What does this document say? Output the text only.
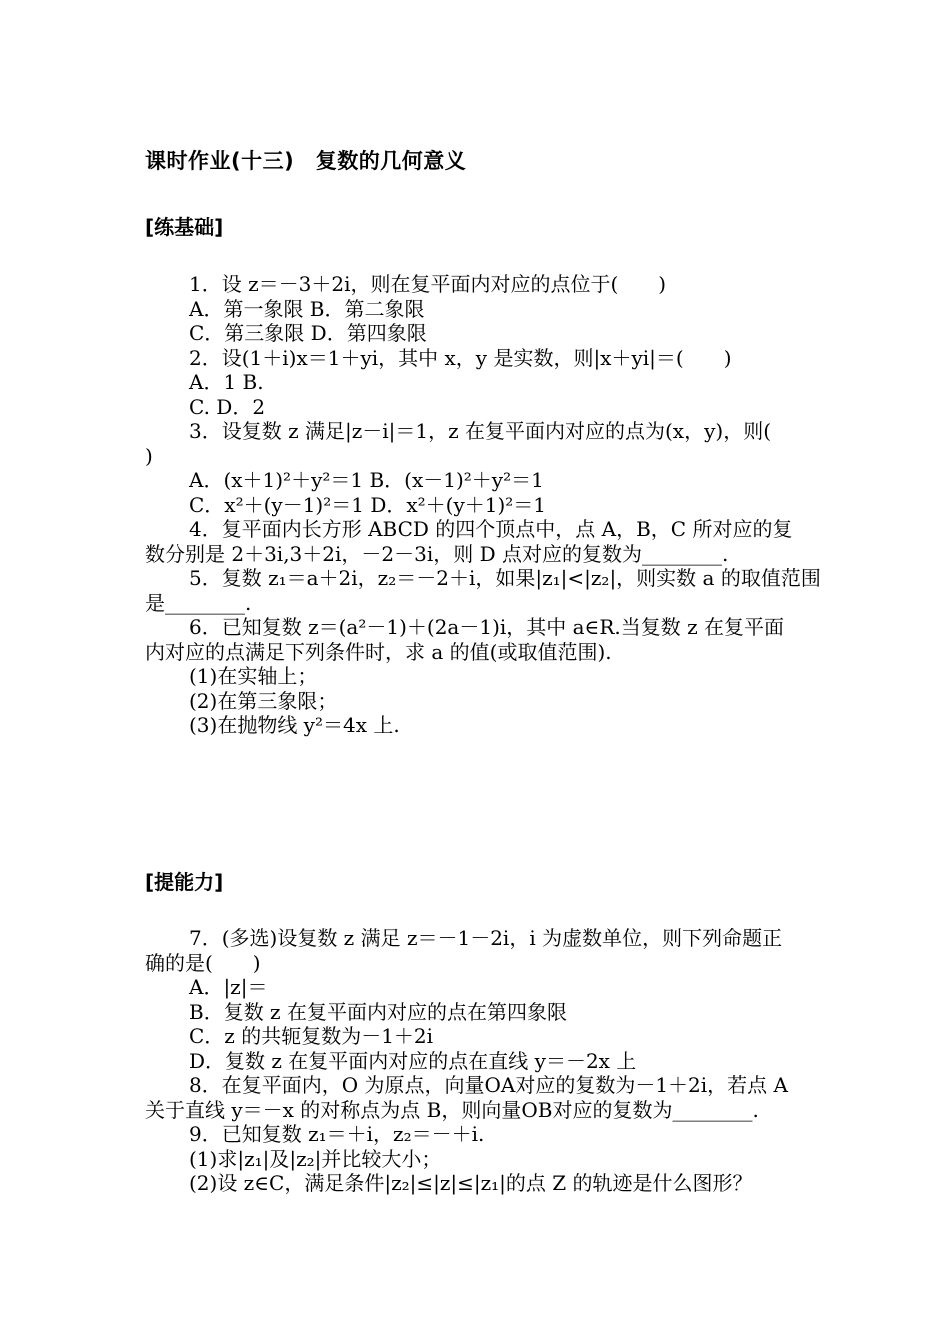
课时作业(十三)　复数的几何意义
[练基础]
1．设 z＝－3＋2i，则在复平面内对应的点位于(　　)
A．第一象限 B．第二象限
C．第三象限 D．第四象限
2．设(1＋i)x＝1＋yi，其中 x，y 是实数，则|x＋yi|＝(　　)
A．1 B.
C. D．2
3．设复数 z 满足|z－i|＝1，z 在复平面内对应的点为(x，y)，则(
)
A．(x＋1)²＋y²＝1 B．(x－1)²＋y²＝1
C．x²＋(y－1)²＝1 D．x²＋(y＋1)²＝1
4．复平面内长方形 ABCD 的四个顶点中，点 A，B，C 所对应的复
数分别是 2＋3i,3＋2i，－2－3i，则 D 点对应的复数为________.
5．复数 z₁＝a＋2i，z₂＝－2＋i，如果|z₁|<|z₂|，则实数 a 的取值范围
是________.
6．已知复数 z＝(a²－1)＋(2a－1)i，其中 a∈R.当复数 z 在复平面
内对应的点满足下列条件时，求 a 的值(或取值范围).
(1)在实轴上；
(2)在第三象限；
(3)在抛物线 y²＝4x 上.
[提能力]
7．(多选)设复数 z 满足 z＝－1－2i，i 为虚数单位，则下列命题正
确的是(　　)
A．|z|＝
B．复数 z 在复平面内对应的点在第四象限
C．z 的共轭复数为－1＋2i
D．复数 z 在复平面内对应的点在直线 y＝－2x 上
8．在复平面内，O 为原点，向量OA对应的复数为－1＋2i，若点 A
关于直线 y＝－x 的对称点为点 B，则向量OB对应的复数为________.
9．已知复数 z₁＝＋i，z₂＝－＋i.
(1)求|z₁|及|z₂|并比较大小；
(2)设 z∈C，满足条件|z₂|≤|z|≤|z₁|的点 Z 的轨迹是什么图形？
